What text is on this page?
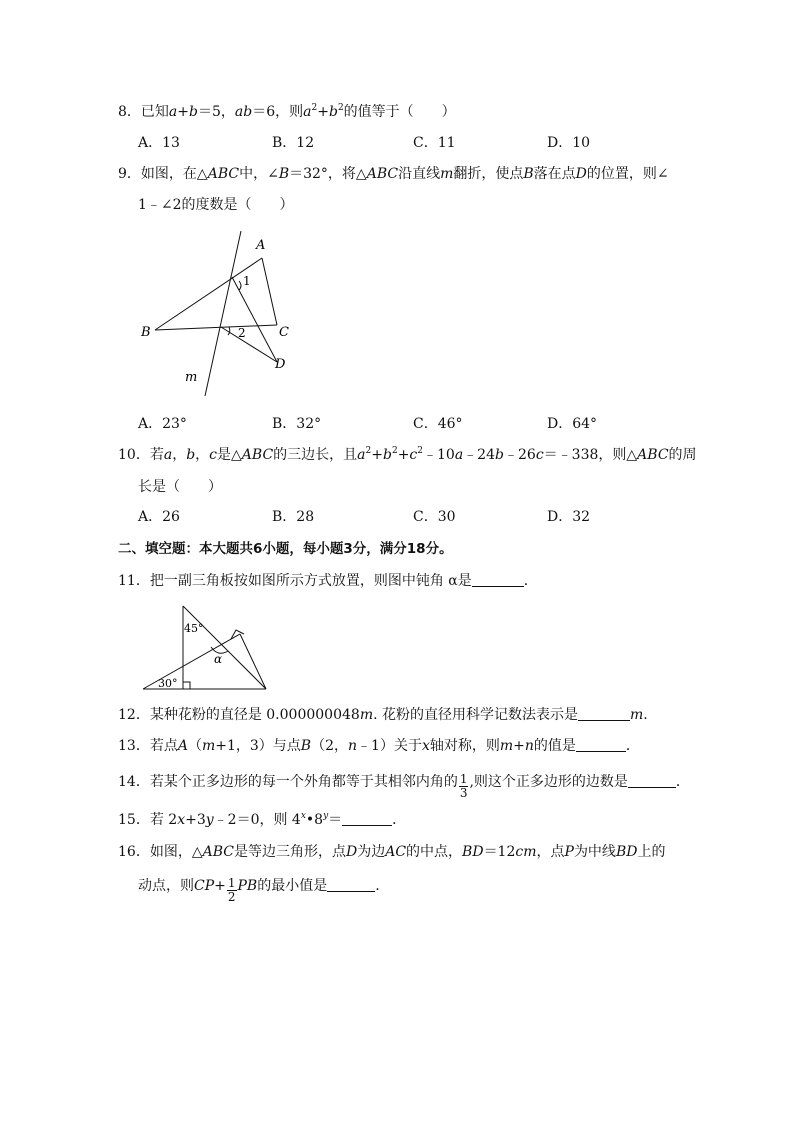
8．已知a+b＝5，ab＝6，则$a^2+b^2$的值等于（　　）
A．13	B．12	C．11	D．10
9．如图，在△ABC中，∠B＝32°，将△ABC沿直线m翻折，使点B落在点D的位置，则∠
1﹣∠2的度数是（　　）
A
B	C
D
m
1
2
A．23°	B．32°	C．46°	D．64°
10．若a，b，c是△ABC的三边长，且$a^2+b^2+c^2﹣10a﹣24b﹣26c=﹣338$，则△ABC的周
长是（　　）
A．26	B．28	C．30	D．32
二、填空题：本大题共6小题，每小题3分，满分18分。
11．把一副三角板按如图所示方式放置，则图中钝角 α是	．
45°
30°
α
12．某种花粉的直径是 0.000000048m. 花粉的直径用科学记数法表示是	m.
13．若点A（m+1，3）与点B（2，n﹣1）关于x轴对称，则m+n的值是	．
14．若某个正多边形的每一个外角都等于其相邻内角的 $\frac{1}{3}$ ,则这个正多边形的边数是	．
15．若 2x+3y﹣2＝0，则 $4^x•8^y=$	．
16．如图，△ABC是等边三角形，点D为边AC的中点，BD＝12cm，点P为中线BD上的
动点，则$CP+ \frac{1}{2}$ PB的最小值是	.
